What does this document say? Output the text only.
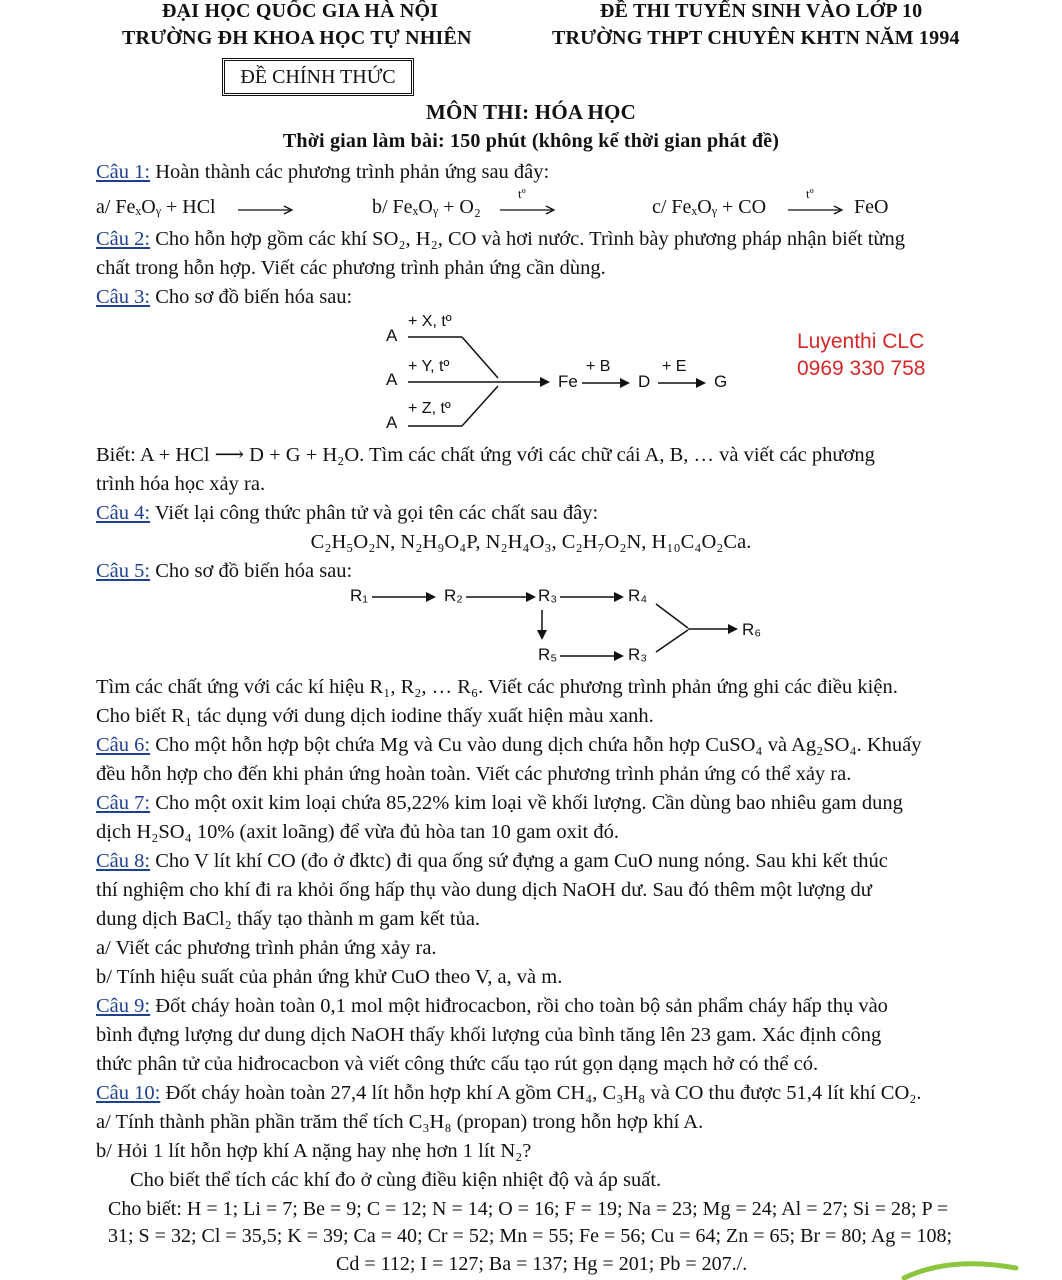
ĐẠI HỌC QUỐC GIA HÀ NỘI
TRƯỜNG ĐH KHOA HỌC TỰ NHIÊN
ĐỀ THI TUYỂN SINH VÀO LỚP 10
TRƯỜNG THPT CHUYÊN KHTN NĂM 1994
ĐỀ CHÍNH THỨC
MÔN THI: HÓA HỌC
Thời gian làm bài: 150 phút (không kể thời gian phát đề)
Câu 1: Hoàn thành các phương trình phản ứng sau đây:
a/ FeₓOᵧ + HCl	b/ FeₓOᵧ + O₂
tº
c/ FeₓOᵧ + CO
tº
FeO
Câu 2: Cho hỗn hợp gồm các khí SO₂, H₂, CO và hơi nước. Trình bày phương pháp nhận biết từng
chất trong hỗn hợp. Viết các phương trình phản ứng cần dùng.
Câu 3: Cho sơ đồ biến hóa sau:
A
+ X, tº
A
+ Y, tº
A
+ Z, tº
Fe
+ B
D
+ E
G
Luyenthi CLC
0969 330 758
Biết: A + HCl ⟶ D + G + H₂O. Tìm các chất ứng với các chữ cái A, B, … và viết các phương
trình hóa học xảy ra.
Câu 4: Viết lại công thức phân tử và gọi tên các chất sau đây:
C₂H₅O₂N, N₂H₉O₄P, N₂H₄O₃, C₂H₇O₂N, H₁₀C₄O₂Ca.
Câu 5: Cho sơ đồ biến hóa sau:
R₁	R₂	R₃	R₄
R₅	R₃
R₆
Tìm các chất ứng với các kí hiệu R₁, R₂, … R₆. Viết các phương trình phản ứng ghi các điều kiện.
Cho biết R₁ tác dụng với dung dịch iodine thấy xuất hiện màu xanh.
Câu 6: Cho một hỗn hợp bột chứa Mg và Cu vào dung dịch chứa hỗn hợp CuSO₄ và Ag₂SO₄. Khuấy
đều hỗn hợp cho đến khi phản ứng hoàn toàn. Viết các phương trình phản ứng có thể xảy ra.
Câu 7: Cho một oxit kim loại chứa 85,22% kim loại về khối lượng. Cần dùng bao nhiêu gam dung
dịch H₂SO₄ 10% (axit loãng) để vừa đủ hòa tan 10 gam oxit đó.
Câu 8: Cho V lít khí CO (đo ở đktc) đi qua ống sứ đựng a gam CuO nung nóng. Sau khi kết thúc
thí nghiệm cho khí đi ra khỏi ống hấp thụ vào dung dịch NaOH dư. Sau đó thêm một lượng dư
dung dịch BaCl₂ thấy tạo thành m gam kết tủa.
a/ Viết các phương trình phản ứng xảy ra.
b/ Tính hiệu suất của phản ứng khử CuO theo V, a, và m.
Câu 9: Đốt cháy hoàn toàn 0,1 mol một hiđrocacbon, rồi cho toàn bộ sản phẩm cháy hấp thụ vào
bình đựng lượng dư dung dịch NaOH thấy khối lượng của bình tăng lên 23 gam. Xác định công
thức phân tử của hiđrocacbon và viết công thức cấu tạo rút gọn dạng mạch hở có thể có.
Câu 10: Đốt cháy hoàn toàn 27,4 lít hỗn hợp khí A gồm CH₄, C₃H₈ và CO thu được 51,4 lít khí CO₂.
a/ Tính thành phần phần trăm thể tích C₃H₈ (propan) trong hỗn hợp khí A.
b/ Hỏi 1 lít hỗn hợp khí A nặng hay nhẹ hơn 1 lít N₂?
Cho biết thể tích các khí đo ở cùng điều kiện nhiệt độ và áp suất.
Cho biết: H = 1; Li = 7; Be = 9; C = 12; N = 14; O = 16; F = 19; Na = 23; Mg = 24; Al = 27; Si = 28; P =
31; S = 32; Cl = 35,5; K = 39; Ca = 40; Cr = 52; Mn = 55; Fe = 56; Cu = 64; Zn = 65; Br = 80; Ag = 108;
Cd = 112; I = 127; Ba = 137; Hg = 201; Pb = 207./.
